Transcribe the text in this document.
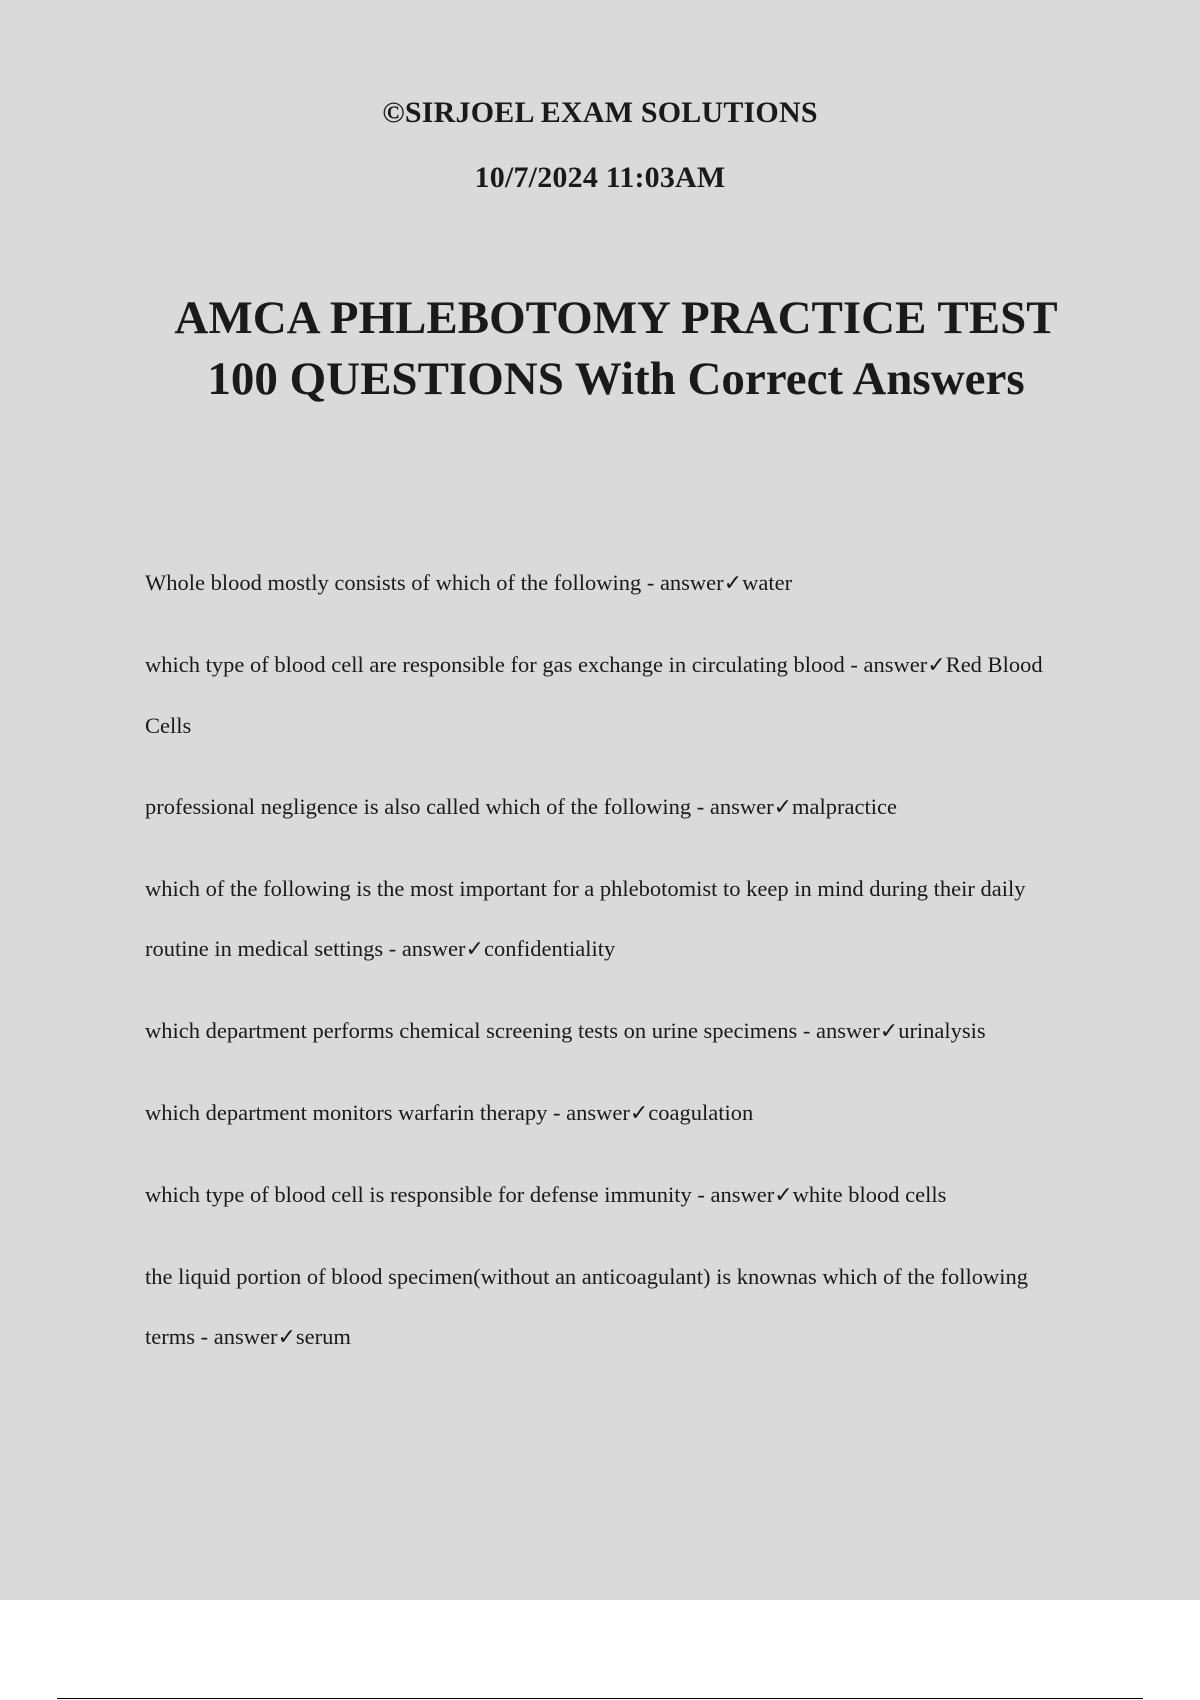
©SIRJOEL EXAM SOLUTIONS
10/7/2024 11:03AM
AMCA PHLEBOTOMY PRACTICE TEST
100 QUESTIONS With Correct Answers
Whole blood mostly consists of which of the following - answer✓water
which type of blood cell are responsible for gas exchange in circulating blood - answer✓Red Blood Cells
professional negligence is also called which of the following - answer✓malpractice
which of the following is the most important for a phlebotomist to keep in mind during their daily routine in medical settings - answer✓confidentiality
which department performs chemical screening tests on urine specimens - answer✓urinalysis
which department monitors warfarin therapy - answer✓coagulation
which type of blood cell is responsible for defense immunity - answer✓white blood cells
the liquid portion of blood specimen(without an anticoagulant) is knownas which of the following terms - answer✓serum
